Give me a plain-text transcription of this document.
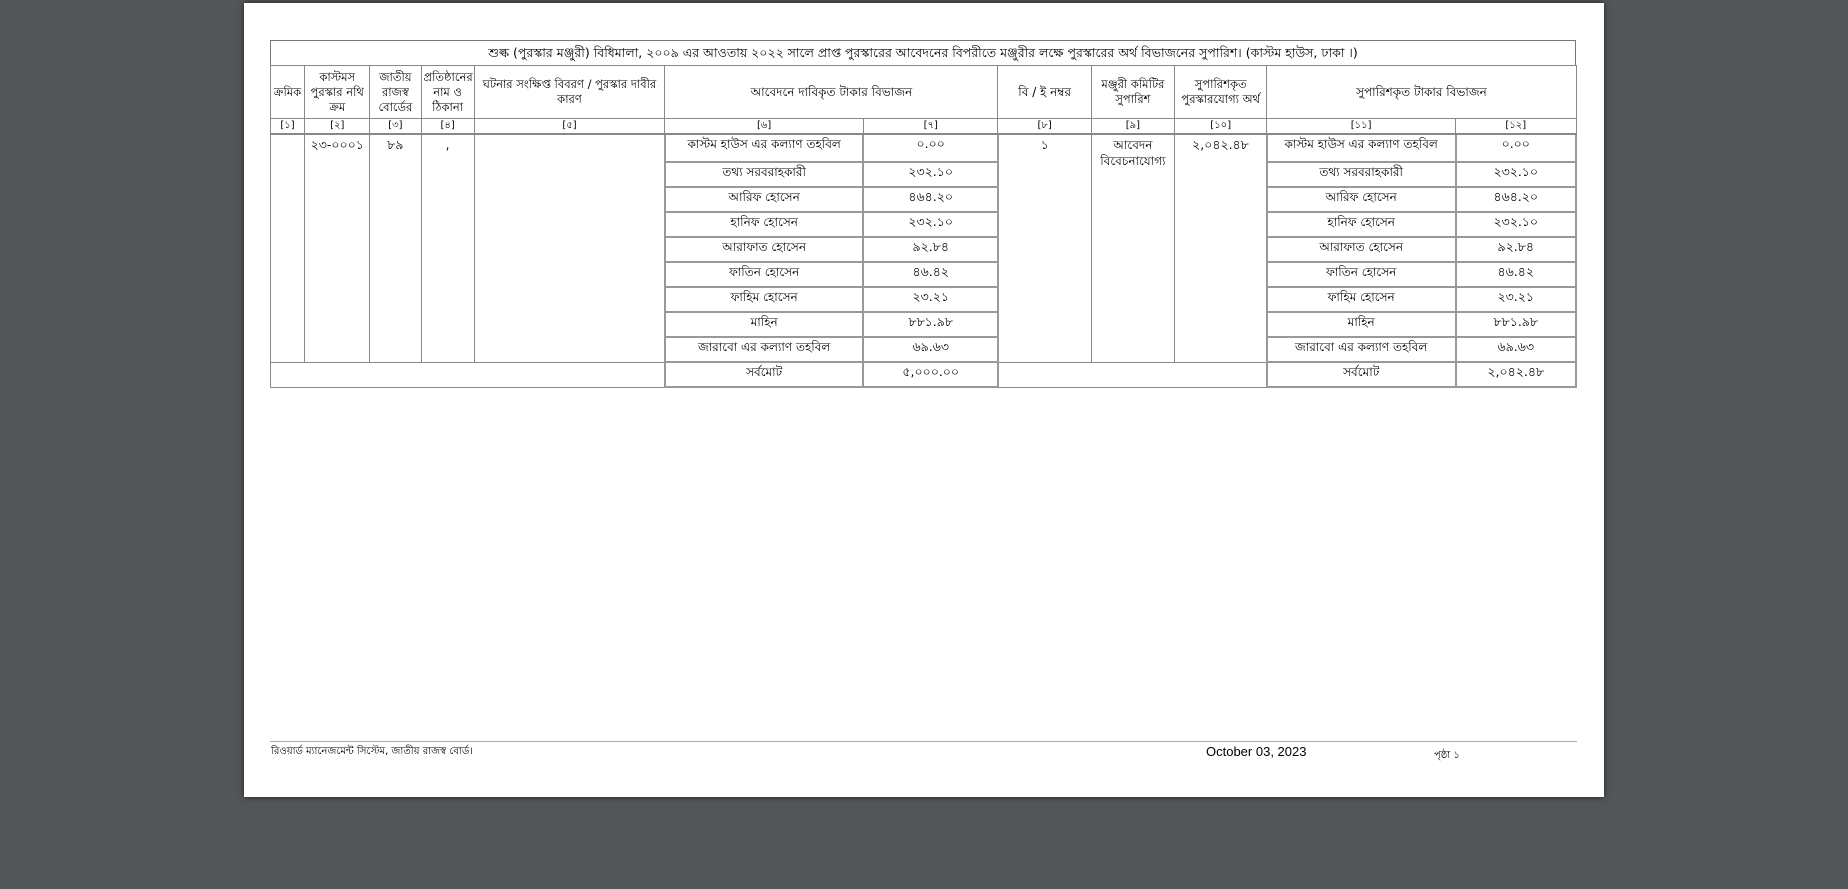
শুল্ক (পুরস্কার মঞ্জুরী) বিধিমালা, ২০০৯ এর আওতায় ২০২২ সালে প্রাপ্ত পুরস্কারের আবেদনের বিপরীতে মঞ্জুরীর লক্ষে পুরস্কারের অর্থ বিভাজনের সুপারিশ। (কাস্টম হাউস, ঢাকা ।)
ক্রমিক	কাস্টমস পুরস্কার নথি ক্রম	জাতীয় রাজস্ব বোর্ডের	প্রতিষ্ঠানের নাম ও ঠিকানা	ঘটনার সংক্ষিপ্ত বিবরণ / পুরস্কার দাবীর কারণ	আবেদনে দাবিকৃত টাকার বিভাজন		বি / ই নম্বর	মঞ্জুরী কমিটির সুপারিশ	সুপারিশকৃত পুরস্কারযোগ্য অর্থ	সুপারিশকৃত টাকার বিভাজন	
[১]	[২]	[৩]	[৪]	[৫]	[৬]	[৭]	[৮]	[৯]	[১০]	[১১]	[১২]
	২৩-০০০১	৮৯	,		কাস্টম হাউস এর কল্যাণ তহবিল	০.০০	১	আবেদন বিবেচনাযোগ্য	২,০৪২.৪৮	কাস্টম হাউস এর কল্যাণ তহবিল	০.০০
					তথ্য সরবরাহকারী	২৩২.১০				তথ্য সরবরাহকারী	২৩২.১০
					আরিফ হোসেন	৪৬৪.২০				আরিফ হোসেন	৪৬৪.২০
					হানিফ হোসেন	২৩২.১০				হানিফ হোসেন	২৩২.১০
					আরাফাত হোসেন	৯২.৮৪				আরাফাত হোসেন	৯২.৮৪
					ফাতিন হোসেন	৪৬.৪২				ফাতিন হোসেন	৪৬.৪২
					ফাহিম হোসেন	২৩.২১				ফাহিম হোসেন	২৩.২১
					মাহিন	৮৮১.৯৮				মাহিন	৮৮১.৯৮
					জারাবো এর কল্যাণ তহবিল	৬৯.৬৩				জারাবো এর কল্যাণ তহবিল	৬৯.৬৩
					সর্বমোট	৫,০০০.০০				সর্বমোট	২,০৪২.৪৮
রিওয়ার্ড ম্যানেজমেন্ট সিস্টেম, জাতীয় রাজস্ব বোর্ড।	October 03, 2023	পৃষ্ঠা ১
